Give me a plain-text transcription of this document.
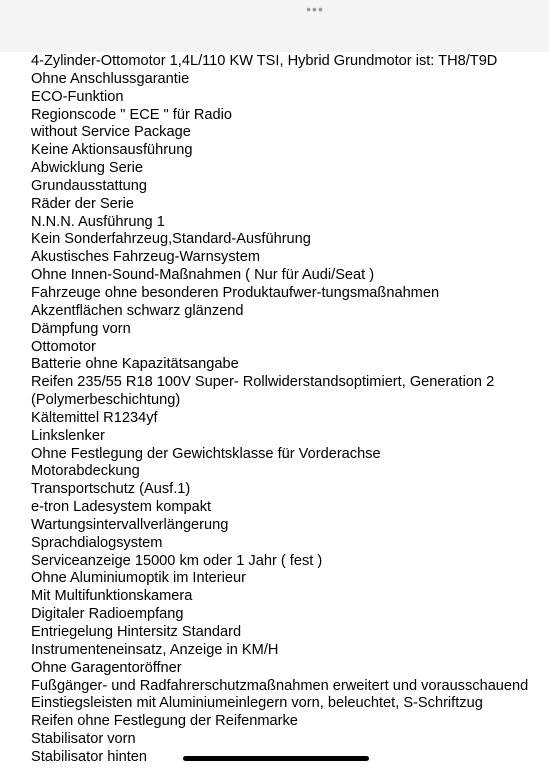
•••
4-Zylinder-Ottomotor 1,4L/110 KW TSI, Hybrid Grundmotor ist: TH8/T9D
Ohne Anschlussgarantie
ECO-Funktion
Regionscode " ECE " für Radio
without Service Package
Keine Aktionsausführung
Abwicklung Serie
Grundausstattung
Räder der Serie
N.N.N. Ausführung 1
Kein Sonderfahrzeug,Standard-Ausführung
Akustisches Fahrzeug-Warnsystem
Ohne Innen-Sound-Maßnahmen ( Nur für Audi/Seat )
Fahrzeuge ohne besonderen Produktaufwer-tungsmaßnahmen
Akzentflächen schwarz glänzend
Dämpfung vorn
Ottomotor
Batterie ohne Kapazitätsangabe
Reifen 235/55 R18 100V Super- Rollwiderstandsoptimiert, Generation 2
(Polymerbeschichtung)
Kältemittel R1234yf
Linkslenker
Ohne Festlegung der Gewichtsklasse für Vorderachse
Motorabdeckung
Transportschutz (Ausf.1)
e-tron Ladesystem kompakt
Wartungsintervallverlängerung
Sprachdialogsystem
Serviceanzeige 15000 km oder 1 Jahr ( fest )
Ohne Aluminiumoptik im Interieur
Mit Multifunktionskamera
Digitaler Radioempfang
Entriegelung Hintersitz Standard
Instrumenteneinsatz, Anzeige in KM/H
Ohne Garagentoröffner
Fußgänger- und Radfahrerschutzmaßnahmen erweitert und vorausschauend
Einstiegsleisten mit Aluminiumeinlegern vorn, beleuchtet, S-Schriftzug
Reifen ohne Festlegung der Reifenmarke
Stabilisator vorn
Stabilisator hinten
